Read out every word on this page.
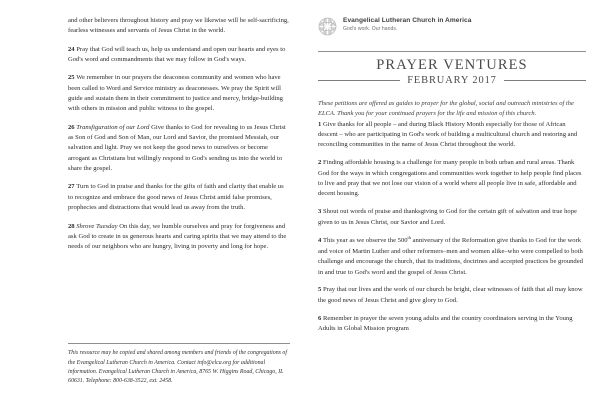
and other believers throughout history and pray we likewise will be self-sacrificing, fearless witnesses and servants of Jesus Christ in the world.
24 Pray that God will teach us, help us understand and open our hearts and eyes to God's word and commandments that we may follow in God's ways.
25 We remember in our prayers the deaconess community and women who have been called to Word and Service ministry as deaconesses. We pray the Spirit will guide and sustain them in their commitment to justice and mercy, bridge-building with others in mission and public witness to the gospel.
26 Transfiguration of our Lord Give thanks to God for revealing to us Jesus Christ as Son of God and Son of Man, our Lord and Savior, the promised Messiah, our salvation and light. Pray we not keep the good news to ourselves or become arrogant as Christians but willingly respond to God's sending us into the world to share the gospel.
27 Turn to God in praise and thanks for the gifts of faith and clarity that enable us to recognize and embrace the good news of Jesus Christ amid false promises, prophecies and distractions that would lead us away from the truth.
28 Shrove Tuesday On this day, we humble ourselves and pray for forgiveness and ask God to create in us generous hearts and caring spirits that we may attend to the needs of our neighbors who are hungry, living in poverty and long for hope.
This resource may be copied and shared among members and friends of the congregations of the Evangelical Lutheran Church in America. Contact info@elca.org for additional information. Evangelical Lutheran Church in America, 8765 W. Higgins Road, Chicago, IL 60631. Telephone: 800-638-3522, ext. 2458.
Evangelical Lutheran Church in America
God's work. Our hands.
PRAYER VENTURES
FEBRUARY 2017
These petitions are offered as guides to prayer for the global, social and outreach ministries of the ELCA. Thank you for your continued prayers for the life and mission of this church.
1 Give thanks for all people – and during Black History Month especially for those of African descent – who are participating in God's work of building a multicultural church and restoring and reconciling communities in the name of Jesus Christ throughout the world.
2 Finding affordable housing is a challenge for many people in both urban and rural areas. Thank God for the ways in which congregations and communities work together to help people find places to live and pray that we not lose our vision of a world where all people live in safe, affordable and decent housing.
3 Shout out words of praise and thanksgiving to God for the certain gift of salvation and true hope given to us in Jesus Christ, our Savior and Lord.
4 This year as we observe the 500th anniversary of the Reformation give thanks to God for the work and voice of Martin Luther and other reformers–men and women alike–who were compelled to both challenge and encourage the church, that its traditions, doctrines and accepted practices be grounded in and true to God's word and the gospel of Jesus Christ.
5 Pray that our lives and the work of our church be bright, clear witnesses of faith that all may know the good news of Jesus Christ and give glory to God.
6 Remember in prayer the seven young adults and the country coordinators serving in the Young Adults in Global Mission program
